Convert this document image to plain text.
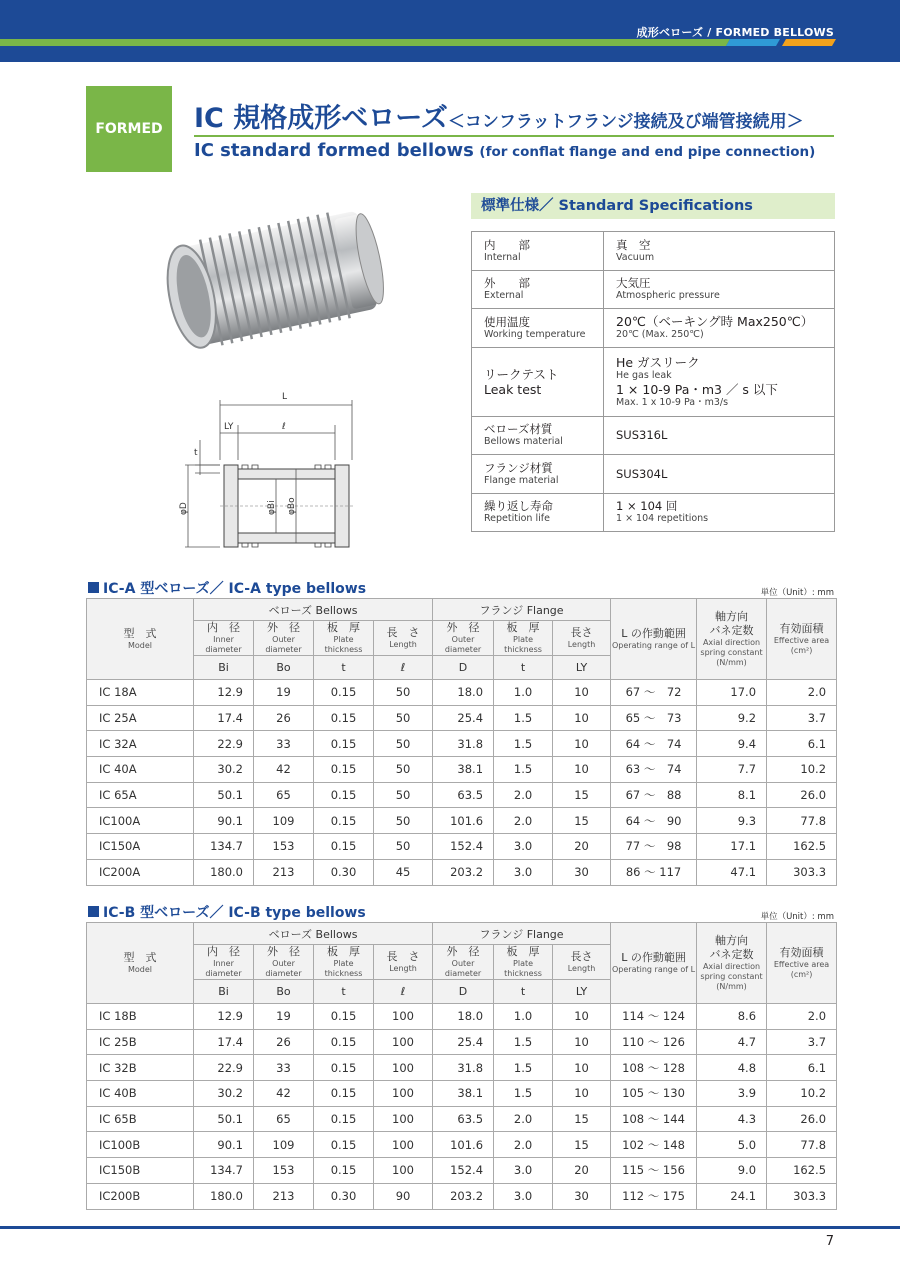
成形ベローズ / FORMED BELLOWS
FORMED	IC 規格成形ベローズ＜コンフラットフランジ接続及び端管接続用＞
IC standard formed bellows (for conflat flange and end pipe connection)
L
LY	ℓ
t
φD	φBi φBo
標準仕様／ Standard Specifications
内　　部
Internal	真　空
Vacuum

外　　部
External	大気圧
Atmospheric pressure

使用温度
Working temperature	20℃（ベーキング時 Max250℃）
20℃ (Max. 250℃)

リークテスト
Leak test	He ガスリーク
He gas leak
1 × 10-9 Pa・m3 ／ s 以下
Max. 1 x 10-9 Pa・m3/s

ベローズ材質
Bellows material	SUS316L

フランジ材質
Flange material	SUS304L

繰り返し寿命
Repetition life	1 × 104 回
1 × 104 repetitions
IC-A 型ベローズ／ IC-A type bellows	単位（Unit）: mm
型　式
Model	ベローズ Bellows				フランジ Flange			L の作動範囲
Operating range of L	軸方向
バネ定数
Axial direction spring constant (N/mm)	有効面積
Effective area (cm²)

	内　径
Inner diameter	外　径
Outer diameter	板　厚
Plate thickness	長　さ
Length	外　径
Outer diameter	板　厚
Plate thickness	長さ
Length			

	Bi	Bo	t	ℓ	D	t	LY			
IC 18A	12.9	19	0.15	50	18.0	1.0	10	67 ～　72	17.0	2.0
IC 25A	17.4	26	0.15	50	25.4	1.5	10	65 ～　73	9.2	3.7
IC 32A	22.9	33	0.15	50	31.8	1.5	10	64 ～　74	9.4	6.1
IC 40A	30.2	42	0.15	50	38.1	1.5	10	63 ～　74	7.7	10.2
IC 65A	50.1	65	0.15	50	63.5	2.0	15	67 ～　88	8.1	26.0
IC100A	90.1	109	0.15	50	101.6	2.0	15	64 ～　90	9.3	77.8
IC150A	134.7	153	0.15	50	152.4	3.0	20	77 ～　98	17.1	162.5
IC200A	180.0	213	0.30	45	203.2	3.0	30	86 ～ 117	47.1	303.3
IC-B 型ベローズ／ IC-B type bellows	単位（Unit）: mm
型　式
Model	ベローズ Bellows				フランジ Flange			L の作動範囲
Operating range of L	軸方向
バネ定数
Axial direction spring constant (N/mm)	有効面積
Effective area (cm²)

	内　径
Inner diameter	外　径
Outer diameter	板　厚
Plate thickness	長　さ
Length	外　径
Outer diameter	板　厚
Plate thickness	長さ
Length			

	Bi	Bo	t	ℓ	D	t	LY			
IC 18B	12.9	19	0.15	100	18.0	1.0	10	114 ～ 124	8.6	2.0
IC 25B	17.4	26	0.15	100	25.4	1.5	10	110 ～ 126	4.7	3.7
IC 32B	22.9	33	0.15	100	31.8	1.5	10	108 ～ 128	4.8	6.1
IC 40B	30.2	42	0.15	100	38.1	1.5	10	105 ～ 130	3.9	10.2
IC 65B	50.1	65	0.15	100	63.5	2.0	15	108 ～ 144	4.3	26.0
IC100B	90.1	109	0.15	100	101.6	2.0	15	102 ～ 148	5.0	77.8
IC150B	134.7	153	0.15	100	152.4	3.0	20	115 ～ 156	9.0	162.5
IC200B	180.0	213	0.30	90	203.2	3.0	30	112 ～ 175	24.1	303.3
7
